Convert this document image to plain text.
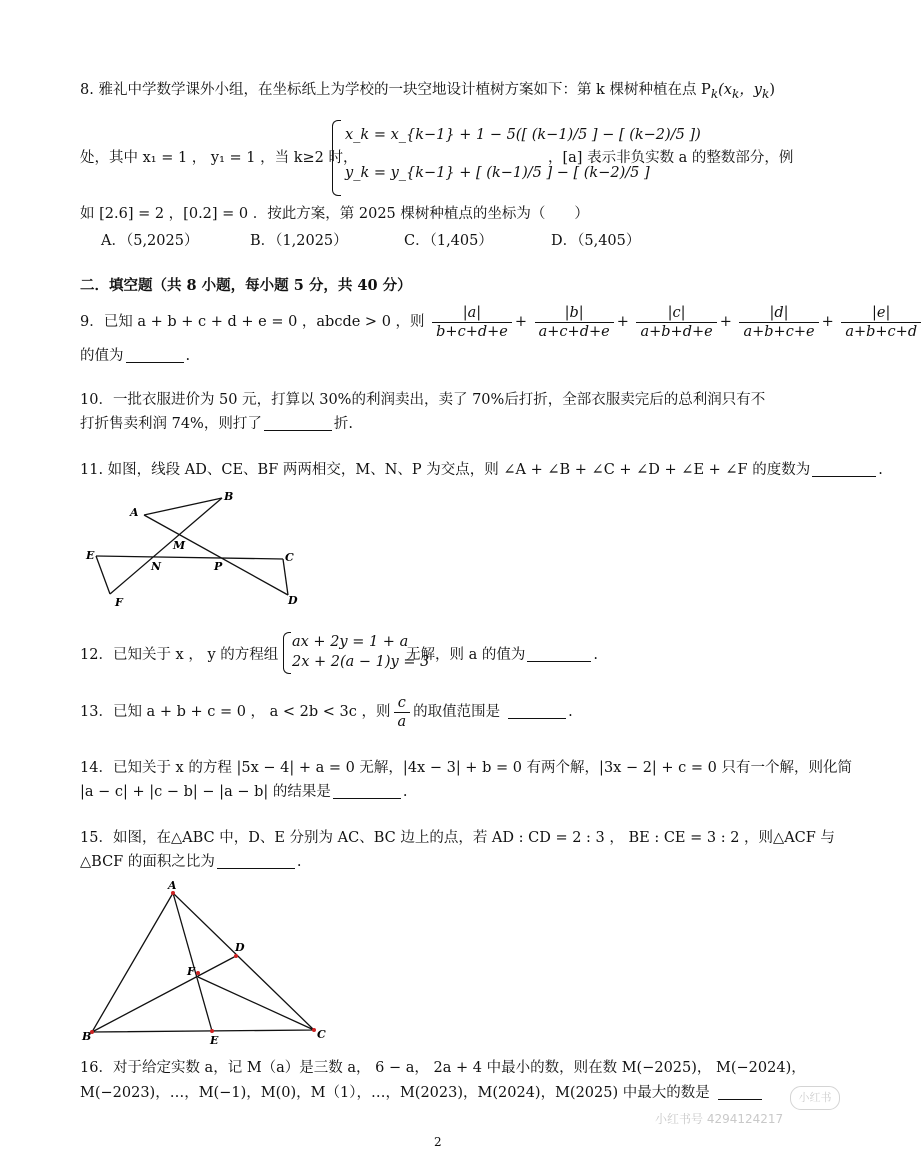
8. 雅礼中学数学课外小组，在坐标纸上为学校的一块空地设计植树方案如下：第 k 棵树种植在点 $P_k(x_k$，$y_k$)
处，其中 x₁ = 1 ， y₁ = 1 ，当 k≥2 时，
x_k = x_{k−1} + 1 − 5([ (k−1)/5 ] − [ (k−2)/5 ])
y_k = y_{k−1} + [ (k−1)/5 ] − [ (k−2)/5 ]
，[a] 表示非负实数 a 的整数部分，例
如 [2.6] = 2 ，[0.2] = 0 ．按此方案，第 2025 棵树种植点的坐标为（　　）
A．（5,2025）	B．（1,2025）	C．（1,405）	D．（5,405）
二．填空题（共 8 小题，每小题 5 分，共 40 分）
9．已知 a + b + c + d + e = 0 ，abcde > 0 ，则 $\frac{|a|}{b+c+d+e} + \frac{|b|}{a+c+d+e} + \frac{|c|}{a+b+d+e} + \frac{|d|}{a+b+c+e} + \frac{|e|}{a+b+c+d}$
的值为	.
10．一批衣服进价为 50 元，打算以 30%的利润卖出，卖了 70%后打折，全部衣服卖完后的总利润只有不
打折售卖利润 74%，则打了	折.
11. 如图，线段 AD、CE、BF 两两相交，M、N、P 为交点，则 ∠A + ∠B + ∠C + ∠D + ∠E + ∠F 的度数为	.
A
B
C
D
E
F
M
N	P
12．已知关于 x ， y 的方程组
ax + 2y = 1 + a
2x + 2(a − 1)y = 3
无解，则 a 的值为	.
13．已知 a + b + c = 0 ， a < 2b < 3c ，则 $\frac{c}{a}$ 的取值范围是	.
14．已知关于 x 的方程 |5x − 4| + a = 0 无解，|4x − 3| + b = 0 有两个解，|3x − 2| + c = 0 只有一个解，则化简
|a − c| + |c − b| − |a − b| 的结果是	.
15．如图，在△ABC 中，D、E 分别为 AC、BC 边上的点，若 AD : CD = 2 : 3 ， BE : CE = 3 : 2 ，则△ACF 与
△BCF 的面积之比为	.
A
B	C
D
E
F
16．对于给定实数 a，记 M（a）是三数 a， 6 − a， 2a + 4 中最小的数，则在数 M(−2025)， M(−2024)，
M(−2023)，…，M(−1)，M(0)，M（1），…，M(2023)，M(2024)，M(2025) 中最大的数是
2
小红书
小红书号 4294124217
